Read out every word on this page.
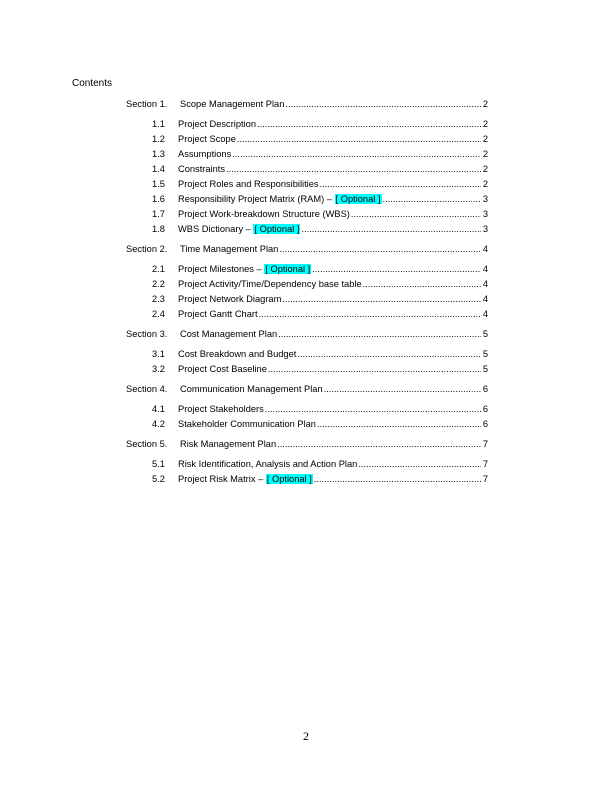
Contents
Section 1.	Scope Management Plan .....	2
1.1	Project Description .....	2
1.2	Project Scope .....	2
1.3	Assumptions .....	2
1.4	Constraints .....	2
1.5	Project Roles and Responsibilities .....	2
1.6	Responsibility Project Matrix (RAM) – [ Optional ] .....	3
1.7	Project Work-breakdown Structure (WBS) .....	3
1.8	WBS Dictionary – [ Optional ] .....	3
Section 2.	Time Management Plan .....	4
2.1	Project Milestones – [ Optional ] .....	4
2.2	Project Activity/Time/Dependency base table .....	4
2.3	Project Network Diagram .....	4
2.4	Project Gantt Chart .....	4
Section 3.	Cost Management Plan .....	5
3.1	Cost Breakdown and Budget .....	5
3.2	Project Cost Baseline .....	5
Section 4.	Communication Management Plan .....	6
4.1	Project Stakeholders .....	6
4.2	Stakeholder Communication Plan .....	6
Section 5.	Risk Management Plan .....	7
5.1	Risk Identification, Analysis and Action Plan .....	7
5.2	Project Risk Matrix – [ Optional ] .....	7
2
